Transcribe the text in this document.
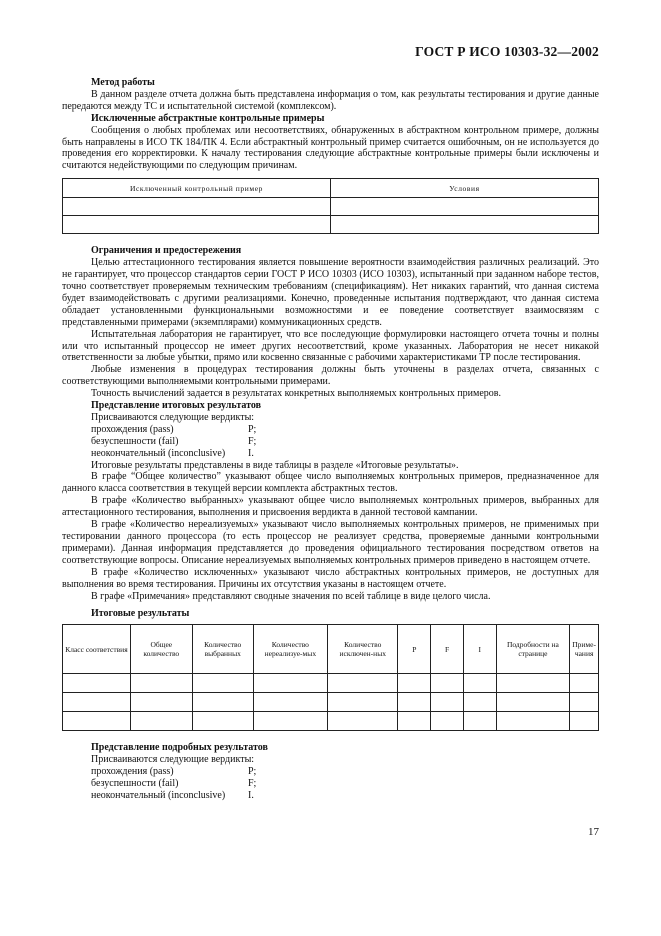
ГОСТ Р ИСО 10303-32—2002
Метод работы

В данном разделе отчета должна быть представлена информация о том, как результаты тестирования и другие данные передаются между ТС и испытательной системой (комплексом).

Исключенные абстрактные контрольные примеры

Сообщения о любых проблемах или несоответствиях, обнаруженных в абстрактном контрольном примере, должны быть направлены в ИСО ТК 184/ПК 4. Если абстрактный контрольный пример считается ошибочным, он не используется до проведения его корректировки. К началу тестирования следующие абстрактные контрольные примеры были исключены и считаются недействующими по следующим причинам.

Исключенный контрольный пример	Условия

Ограничения и предостережения

Целью аттестационного тестирования является повышение вероятности взаимодействия различных реализаций. Это не гарантирует, что процессор стандартов серии ГОСТ Р ИСО 10303 (ИСО 10303), испытанный при заданном наборе тестов, точно соответствует проверяемым техническим требованиям (спецификациям). Нет никаких гарантий, что данная система будет взаимодействовать с другими реализациями. Конечно, проведенные испытания подтверждают, что данная система обладает установленными функциональными возможностями и ее поведение соответствует взаимосвязям с представленными примерами (экземплярами) коммуникационных средств.

Испытательная лаборатория не гарантирует, что все последующие формулировки настоящего отчета точны и полны или что испытанный процессор не имеет других несоответствий, кроме указанных. Лаборатория не несет никакой ответственности за любые убытки, прямо или косвенно связанные с рабочими характеристиками ТР после тестирования.

Любые изменения в процедурах тестирования должны быть уточнены в разделах отчета, связанных с соответствующими выполняемыми контрольными примерами.

Точность вычислений задается в результатах конкретных выполняемых контрольных примеров.

Представление итоговых результатов
Присваиваются следующие вердикты:
прохождения (pass)	P;
безуспешности (fail)	F;
неокончательный (inconclusive)	I.

Итоговые результаты представлены в виде таблицы в разделе «Итоговые результаты».

В графе “Общее количество” указывают общее число выполняемых контрольных примеров, предназначенное для данного класса соответствия в текущей версии комплекта абстрактных тестов.

В графе «Количество выбранных» указывают общее число выполняемых контрольных примеров, выбранных для аттестационного тестирования, выполнения и присвоения вердикта в данной тестовой кампании.

В графе «Количество нереализуемых» указывают число выполняемых контрольных примеров, не применимых при тестировании данного процессора (то есть процессор не реализует средства, проверяемые данными контрольными примерами). Данная информация представляется до проведения официального тестирования посредством ответов на соответствующие вопросы. Описание нереализуемых выполняемых контрольных примеров приведено в настоящем отчете.

В графе «Количество исключенных» указывают число абстрактных контрольных примеров, не доступных для выполнения во время тестирования. Причины их отсутствия указаны в настоящем отчете.

В графе «Примечания» представляют сводные значения по всей таблице в виде целого числа.

Итоговые результаты
Класс соответствия	Общее количество	Количество выбранных	Количество нереализуе-мых	Количество исключен-ных	P	F	I	Подробности на странице	Приме-чания

Представление подробных результатов
Присваиваются следующие вердикты:
прохождения (pass)	P;
безуспешности (fail)	F;
неокончательный (inconclusive)	I.
17
